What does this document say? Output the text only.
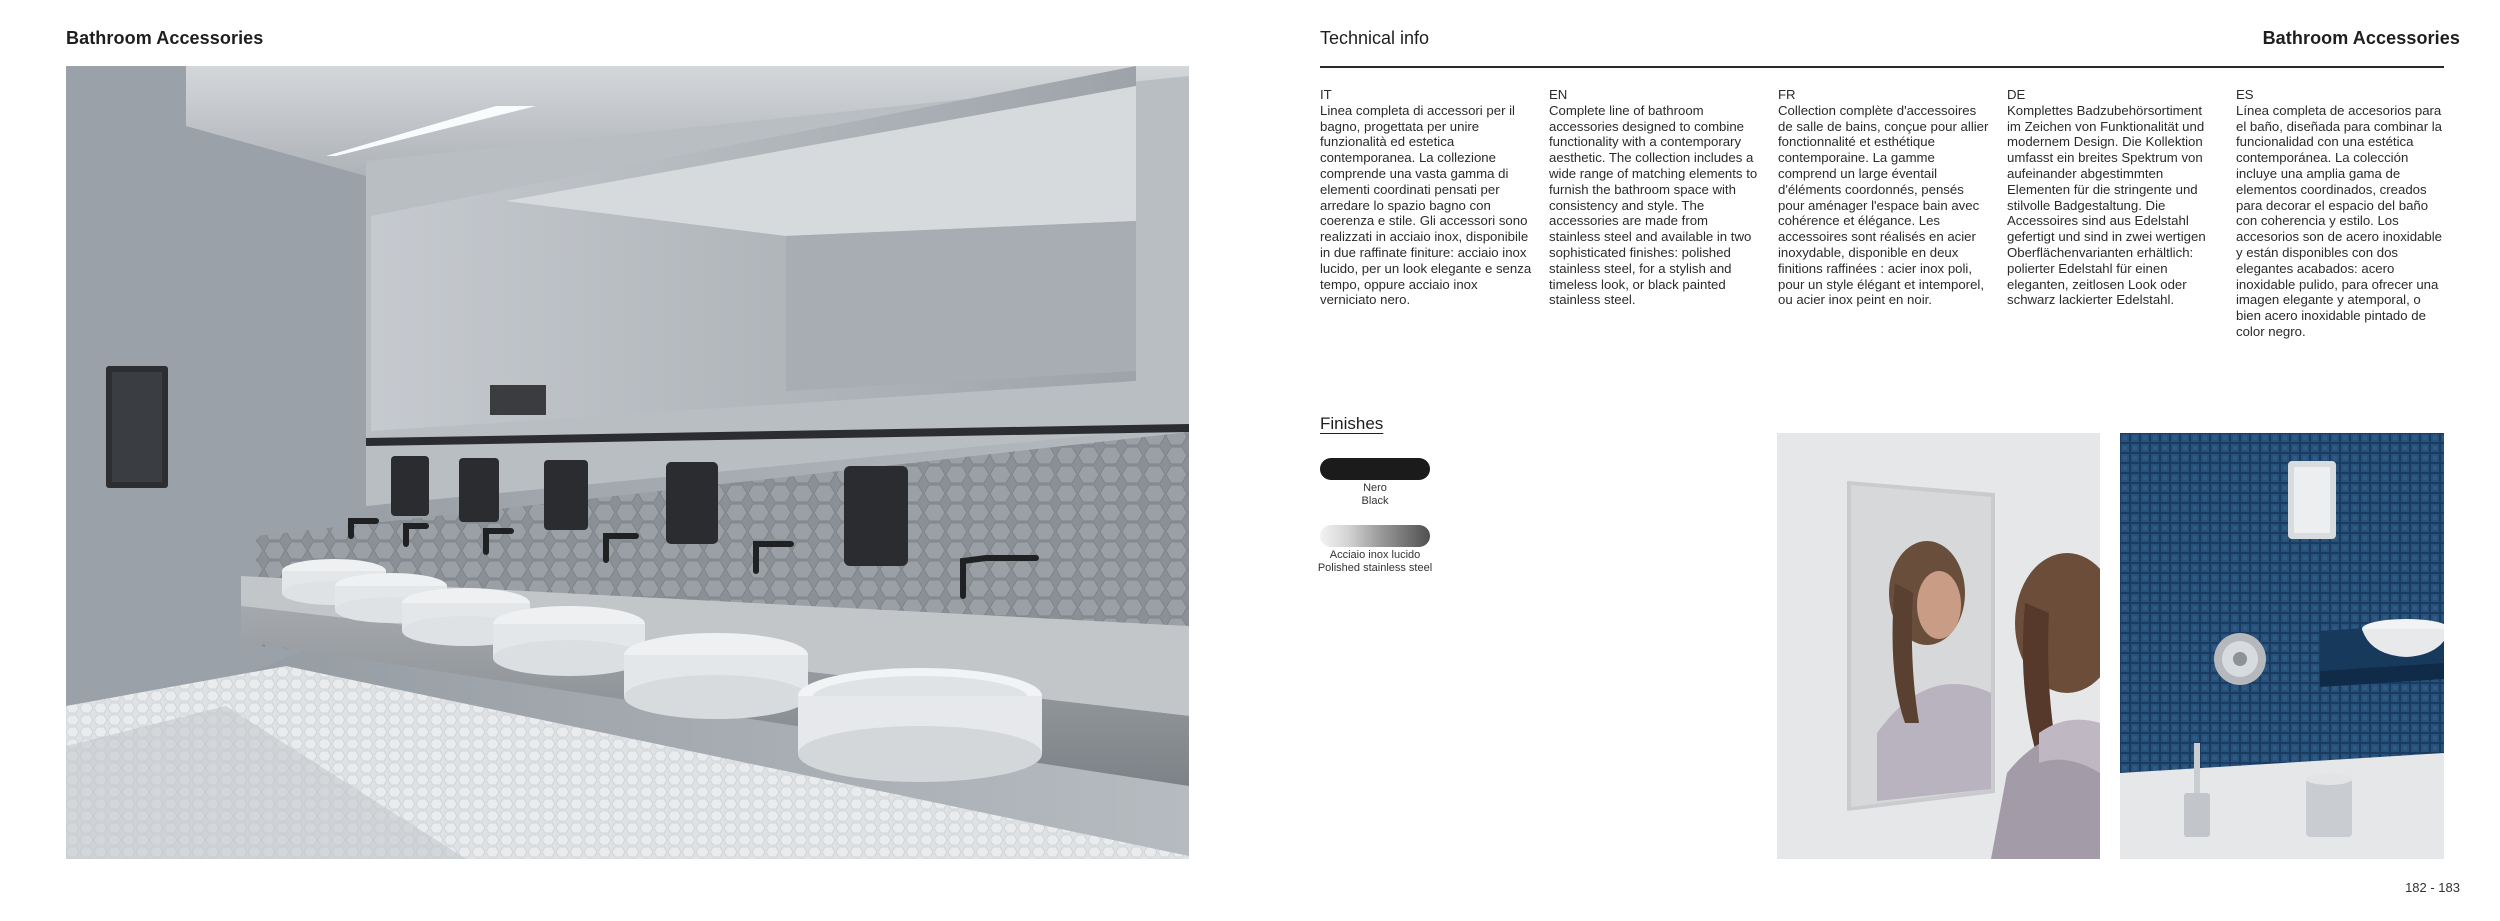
Bathroom Accessories	Technical info	Bathroom Accessories
IT

Linea completa di accessori per il bagno, progettata per unire funzionalità ed estetica contemporanea. La collezione comprende una vasta gamma di elementi coordinati pensati per arredare lo spazio bagno con coerenza e stile. Gli accessori sono realizzati in acciaio inox, disponibile in due raffinate finiture: acciaio inox lucido, per un look elegante e senza tempo, oppure acciaio inox verniciato nero.

EN

Complete line of bathroom accessories designed to combine functionality with a contemporary aesthetic. The collection includes a wide range of matching elements to furnish the bathroom space with consistency and style. The accessories are made from stainless steel and available in two sophisticated finishes: polished stainless steel, for a stylish and timeless look, or black painted stainless steel.

FR

Collection complète d'accessoires de salle de bains, conçue pour allier fonctionnalité et esthétique contemporaine. La gamme comprend un large éventail d'éléments coordonnés, pensés pour aménager l'espace bain avec cohérence et élégance. Les accessoires sont réalisés en acier inoxydable, disponible en deux finitions raffinées : acier inox poli, pour un style élégant et intemporel, ou acier inox peint en noir.

DE

Komplettes Badzubehörsortiment im Zeichen von Funktionalität und modernem Design. Die Kollektion umfasst ein breites Spektrum von aufeinander abgestimmten Elementen für die stringente und stilvolle Badgestaltung. Die Accessoires sind aus Edelstahl gefertigt und sind in zwei wertigen Oberflächenvarianten erhältlich: polierter Edelstahl für einen eleganten, zeitlosen Look oder schwarz lackierter Edelstahl.

ES

Línea completa de accesorios para el baño, diseñada para combinar la funcionalidad con una estética contemporánea. La colección incluye una amplia gama de elementos coordinados, creados para decorar el espacio del baño con coherencia y estilo. Los accesorios son de acero inoxidable y están disponibles con dos elegantes acabados: acero inoxidable pulido, para ofrecer una imagen elegante y atemporal, o bien acero inoxidable pintado de color negro.

Finishes
Nero
Black
Acciaio inox lucido
Polished stainless steel
182 - 183
